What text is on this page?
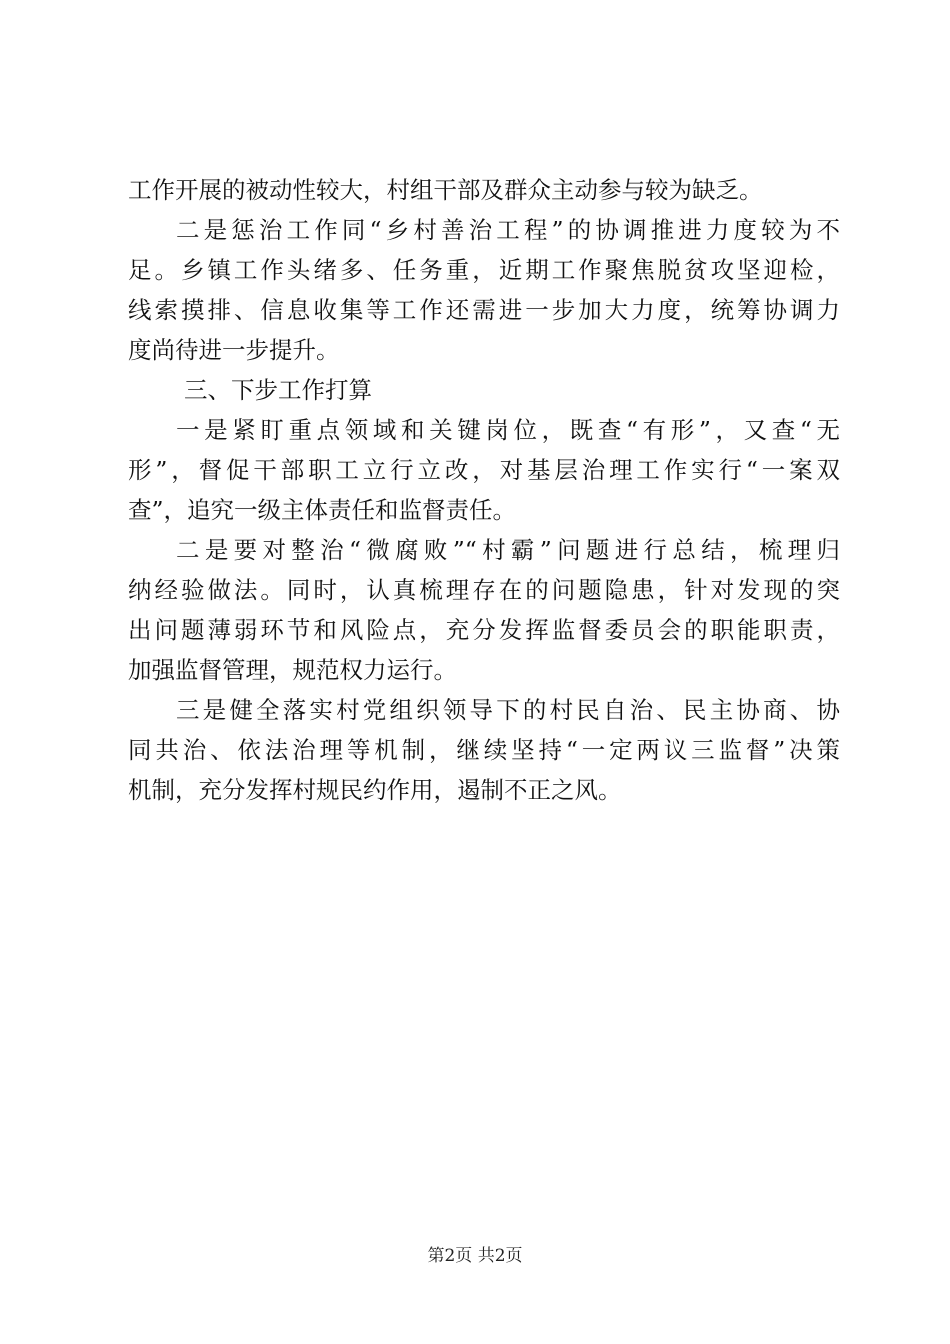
工作开展的被动性较大，村组干部及群众主动参与较为缺乏。
二是惩治工作同“乡村善治工程”的协调推进力度较为不
足。乡镇工作头绪多、任务重，近期工作聚焦脱贫攻坚迎检，
线索摸排、信息收集等工作还需进一步加大力度，统筹协调力
度尚待进一步提升。
三、下步工作打算
一是紧盯重点领域和关键岗位，既查“有形”，又查“无
形”，督促干部职工立行立改，对基层治理工作实行“一案双
查”，追究一级主体责任和监督责任。
二是要对整治“微腐败”“村霸”问题进行总结，梳理归
纳经验做法。同时，认真梳理存在的问题隐患，针对发现的突
出问题薄弱环节和风险点，充分发挥监督委员会的职能职责，
加强监督管理，规范权力运行。
三是健全落实村党组织领导下的村民自治、民主协商、协
同共治、依法治理等机制，继续坚持“一定两议三监督”决策
机制，充分发挥村规民约作用，遏制不正之风。
第2页 共2页
